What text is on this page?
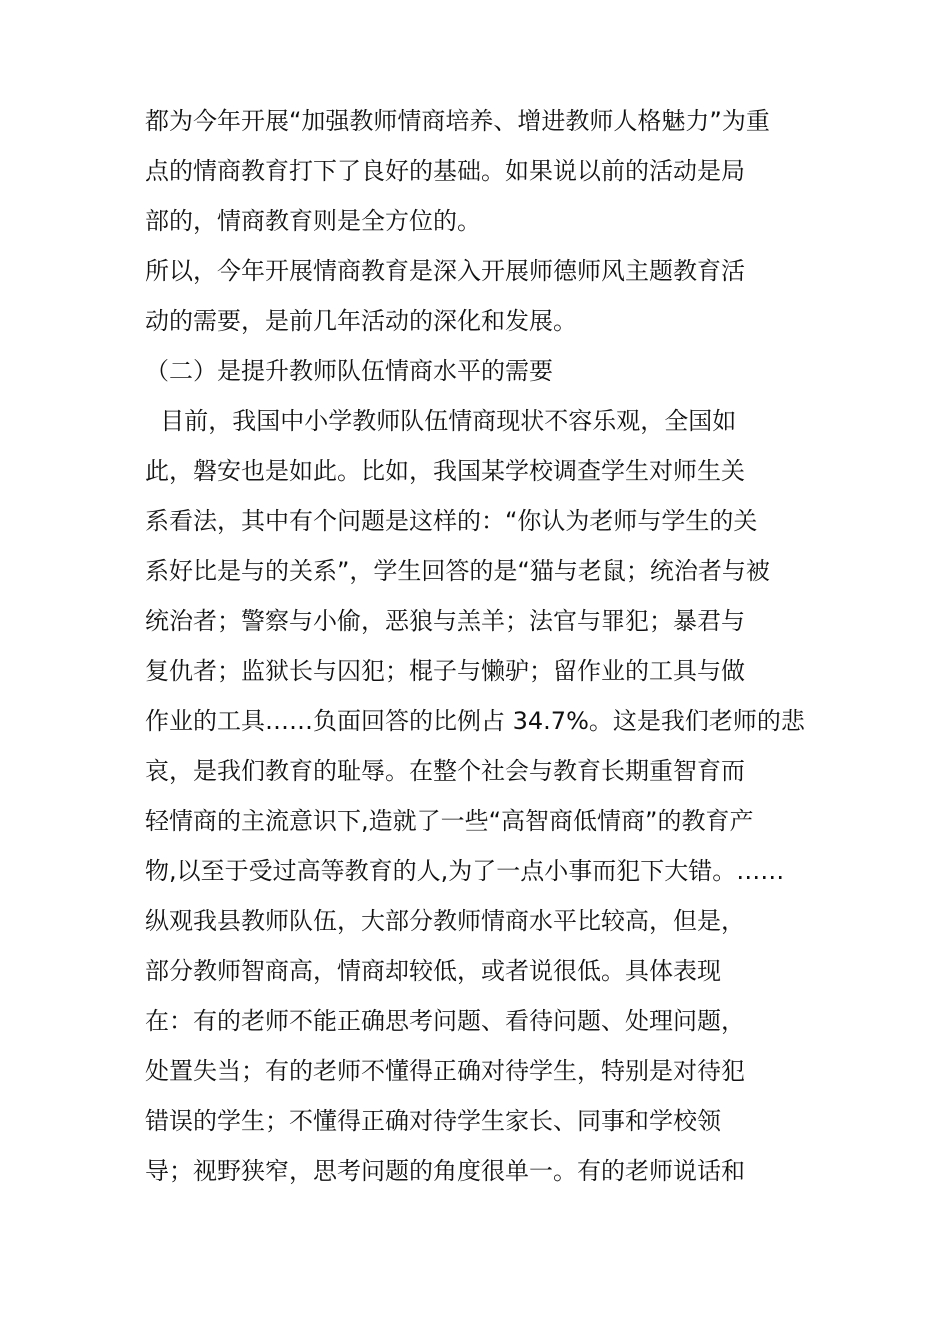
都为今年开展“加强教师情商培养、增进教师人格魅力”为重
点的情商教育打下了良好的基础。如果说以前的活动是局
部的，情商教育则是全方位的。
所以，今年开展情商教育是深入开展师德师风主题教育活
动的需要，是前几年活动的深化和发展。
（二）是提升教师队伍情商水平的需要
目前，我国中小学教师队伍情商现状不容乐观，全国如
此，磐安也是如此。比如，我国某学校调查学生对师生关
系看法，其中有个问题是这样的：“你认为老师与学生的关
系好比是与的关系”，学生回答的是“猫与老鼠；统治者与被
统治者；警察与小偷，恶狼与羔羊；法官与罪犯；暴君与
复仇者；监狱长与囚犯；棍子与懒驴；留作业的工具与做
作业的工具……负面回答的比例占 34.7%。这是我们老师的悲
哀，是我们教育的耻辱。在整个社会与教育长期重智育而
轻情商的主流意识下,造就了一些“高智商低情商”的教育产
物,以至于受过高等教育的人,为了一点小事而犯下大错。……
纵观我县教师队伍，大部分教师情商水平比较高，但是，
部分教师智商高，情商却较低，或者说很低。具体表现
在：有的老师不能正确思考问题、看待问题、处理问题，
处置失当；有的老师不懂得正确对待学生，特别是对待犯
错误的学生；不懂得正确对待学生家长、同事和学校领
导；视野狭窄，思考问题的角度很单一。有的老师说话和
